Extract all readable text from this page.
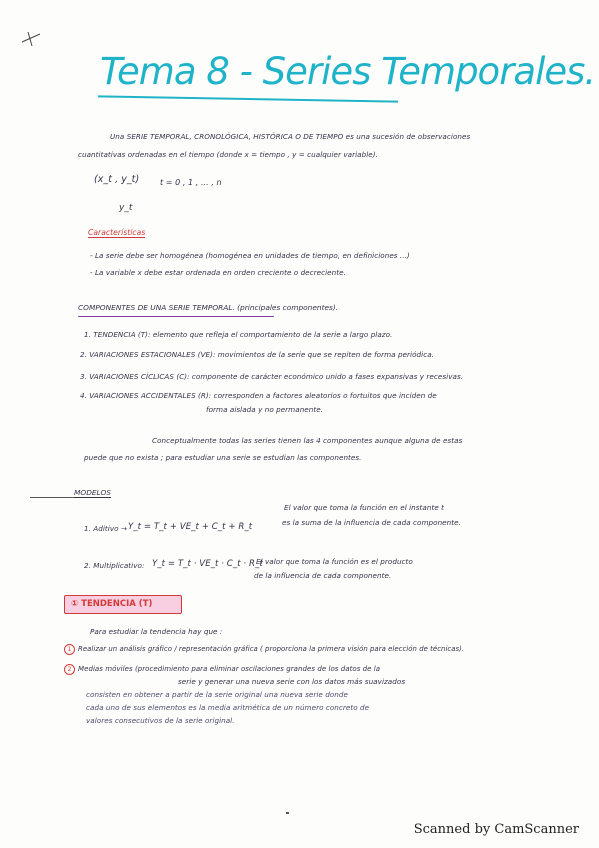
Tema 8 - Series Temporales.
Una SERIE TEMPORAL, CRONOLÓGICA, HISTÓRICA O DE TIEMPO es una sucesión de observaciones
cuantitativas ordenadas en el tiempo (donde x = tiempo , y = cualquier variable).
(x_t , y_t)	t = 0 , 1 , ... , n
y_t
Características
- La serie debe ser homogénea (homogénea en unidades de tiempo, en definiciones ...)
- La variable x debe estar ordenada en orden creciente o decreciente.
COMPONENTES DE UNA SERIE TEMPORAL. (principales componentes).
1. TENDENCIA (T): elemento que refleja el comportamiento de la serie a largo plazo.
2. VARIACIONES ESTACIONALES (VE): movimientos de la serie que se repiten de forma periódica.
3. VARIACIONES CÍCLICAS (C): componente de carácter económico unido a fases expansivas y recesivas.
4. VARIACIONES ACCIDENTALES (R): corresponden a factores aleatorios o fortuitos que inciden de
forma aislada y no permanente.
Conceptualmente todas las series tienen las 4 componentes aunque alguna de estas
puede que no exista ; para estudiar una serie se estudian las componentes.
MODELOS
1. Aditivo → Y_t = T_t + VE_t + C_t + R_t
El valor que toma la función en el instante t
es la suma de la influencia de cada componente.
2. Multiplicativo: Y_t = T_t · VE_t · C_t · R_t
El valor que toma la función es el producto
de la influencia de cada componente.
① TENDENCIA (T)
Para estudiar la tendencia hay que :
1 Realizar un análisis gráfico / representación gráfica ( proporciona la primera visión para elección de técnicas).
2 Medias móviles (procedimiento para eliminar oscilaciones grandes de los datos de la
serie y generar una nueva serie con los datos más suavizados
consisten en obtener a partir de la serie original una nueva serie donde
cada uno de sus elementos es la media aritmética de un número concreto de
valores consecutivos de la serie original.
Scanned by CamScanner
